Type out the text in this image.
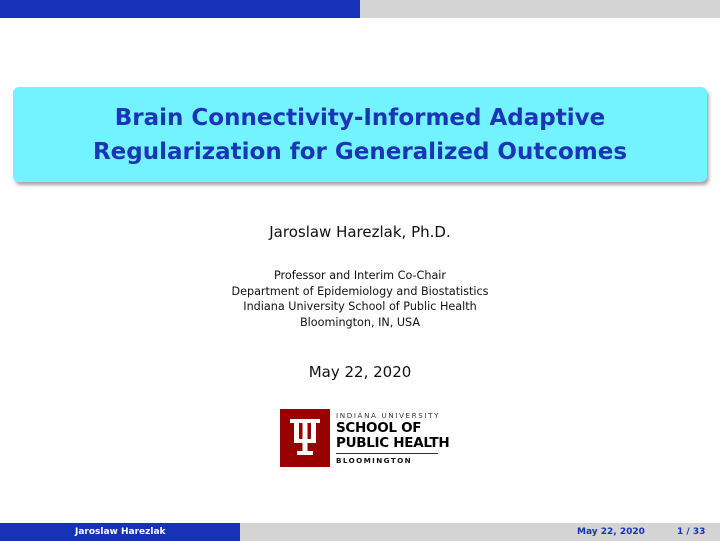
Brain Connectivity-Informed Adaptive
Regularization for Generalized Outcomes
Jaroslaw Harezlak, Ph.D.
Professor and Interim Co-Chair
Department of Epidemiology and Biostatistics
Indiana University School of Public Health
Bloomington, IN, USA
May 22, 2020
INDIANA UNIVERSITY
SCHOOL OF
PUBLIC HEALTH
BLOOMINGTON
Jaroslaw Harezlak	May 22, 2020	1 / 33
